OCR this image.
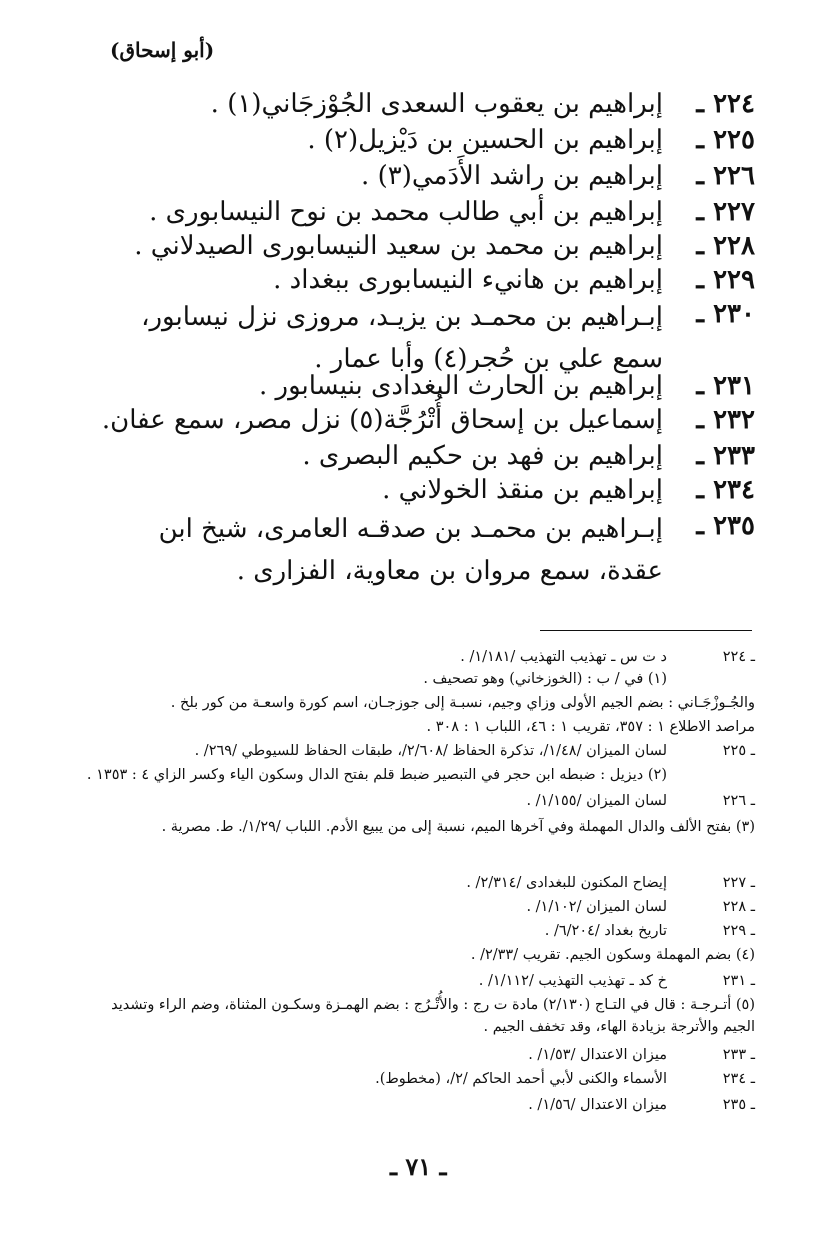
(أبو إسحاق)
٢٢٤ ـ
إبراهيم بن يعقوب السعدى الجُوْزجَاني(١) .
٢٢٥ ـ
إبراهيم بن الحسين بن دَيْزيل(٢) .
٢٢٦ ـ
إبراهيم بن راشد الأَدَمي(٣) .
٢٢٧ ـ
إبراهيم بن أبي طالب محمد بن نوح النيسابورى .
٢٢٨ ـ
إبراهيم بن محمد بن سعيد النيسابورى الصيدلاني .
٢٢٩ ـ
إبراهيم بن هانيء النيسابورى ببغداد .
٢٣٠ ـ
إبـراهيم بن محمـد بن يزيـد، مروزى نزل نيسابور، سمع علي بن حُجر(٤) وأبا عمار .
٢٣١ ـ
إبراهيم بن الحارث البغدادى بنيسابور .
٢٣٢ ـ
إسماعيل بن إسحاق أُتْرُجَّة(٥) نزل مصر، سمع عفان.
٢٣٣ ـ
إبراهيم بن فهد بن حكيم البصرى .
٢٣٤ ـ
إبراهيم بن منقذ الخولاني .
٢٣٥ ـ
إبـراهيم بن محمـد بن صدقـه العامرى، شيخ ابن عقدة، سمع مروان بن معاوية، الفزارى .
ـ ٢٢٤
د ت س ـ تهذيب التهذيب /١/١٨١/ .
(١) في / ب : (الخوزخاني) وهو تصحيف .
والجُـوزْجَـاني : بضم الجيم الأولى وزاي وجيم، نسبـة إلى جوزجـان، اسم كورة واسعـة من كور بلخ .
مراصد الاطلاع ١ : ٣٥٧، تقريب ١ : ٤٦، اللباب ١ : ٣٠٨ .
ـ ٢٢٥
لسان الميزان /١/٤٨/، تذكرة الحفاظ /٢/٦٠٨/، طبقات الحفاظ للسيوطي /٢٦٩/ .
(٢) ديزيل : ضبطه ابن حجر في التبصير ضبط قلم بفتح الدال وسكون الياء وكسر الزاي ٤ : ١٣٥٣ .
ـ ٢٢٦
لسان الميزان /١/١٥٥/ .
(٣) بفتح الألف والدال المهملة وفي آخرها الميم، نسبة إلى من يبيع الأدم. اللباب /١/٢٩/. ط. مصرية .
ـ ٢٢٧
إيضاح المكنون للبغدادى /٢/٣١٤/ .
ـ ٢٢٨
لسان الميزان /١/١٠٢/ .
ـ ٢٢٩
تاريخ بغداد /٦/٢٠٤/ .
(٤) بضم المهملة وسكون الجيم. تقريب /٢/٣٣/ .
ـ ٢٣١
خ كد ـ تهذيب التهذيب /١/١١٢/ .
(٥) أتـرجـة : قال في التـاج (٢/١٣٠) مادة ت رج : والأُتْـرُج : بضم الهمـزة وسكـون المثناة، وضم الراء وتشديد الجيم والأترجة بزيادة الهاء، وقد تخفف الجيم .
ـ ٢٣٣
ميزان الاعتدال /١/٥٣/ .
ـ ٢٣٤
الأسماء والكنى لأبي أحمد الحاكم /٢/، (مخطوط).
ـ ٢٣٥
ميزان الاعتدال /١/٥٦/ .
ـ ٧١ ـ
